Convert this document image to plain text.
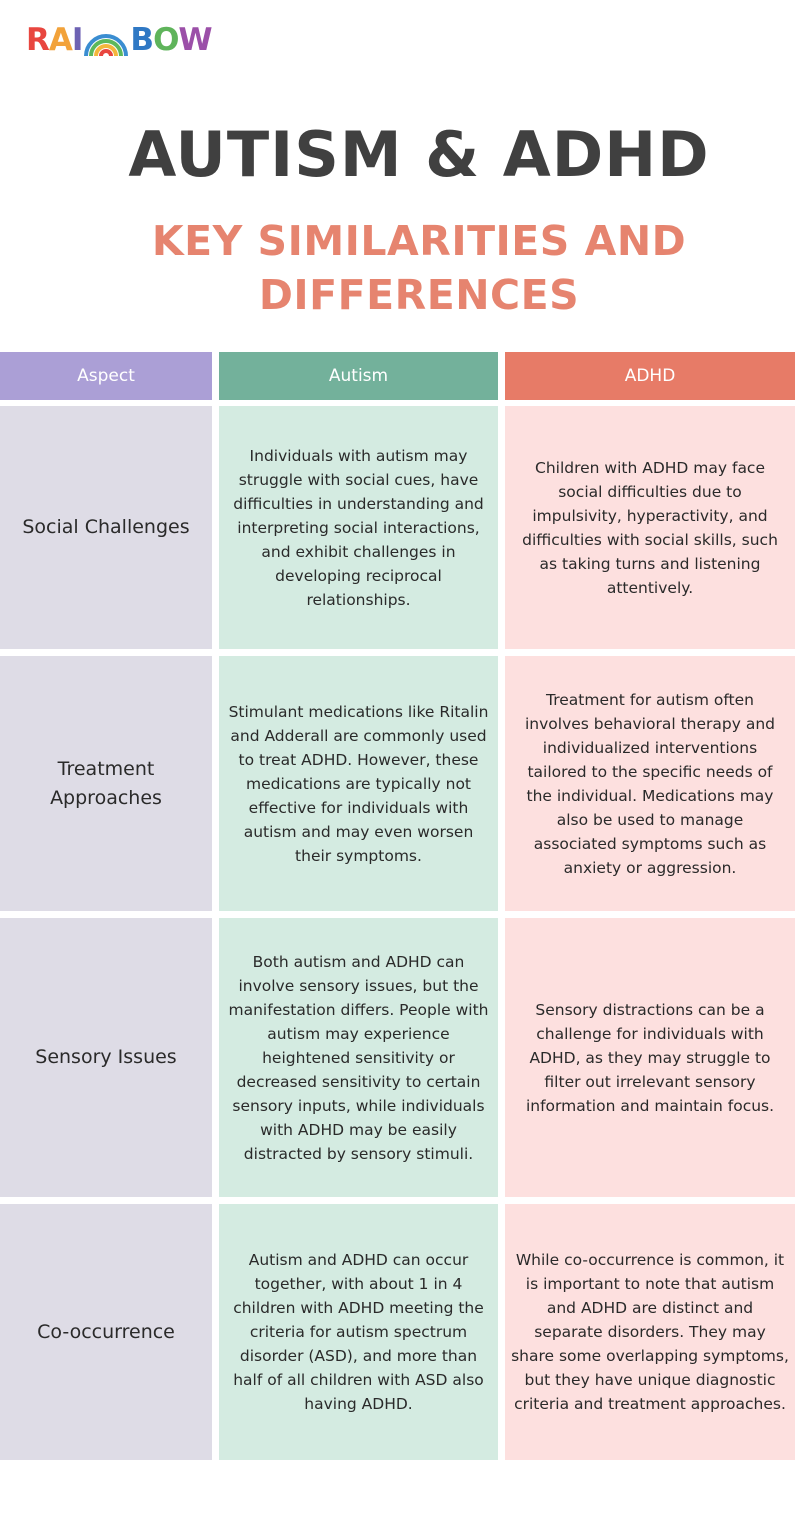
R A I B O W
AUTISM & ADHD
KEY SIMILARITIES AND
DIFFERENCES
Aspect	Autism	ADHD
Social Challenges
Individuals with autism may struggle with social cues, have difficulties in understanding and interpreting social interactions, and exhibit challenges in developing reciprocal relationships.
Children with ADHD may face social difficulties due to impulsivity, hyperactivity, and difficulties with social skills, such as taking turns and listening attentively.
Treatment Approaches
Stimulant medications like Ritalin and Adderall are commonly used to treat ADHD. However, these medications are typically not effective for individuals with autism and may even worsen their symptoms.
Treatment for autism often involves behavioral therapy and individualized interventions tailored to the specific needs of the individual. Medications may also be used to manage associated symptoms such as anxiety or aggression.
Sensory Issues
Both autism and ADHD can involve sensory issues, but the manifestation differs. People with autism may experience heightened sensitivity or decreased sensitivity to certain sensory inputs, while individuals with ADHD may be easily distracted by sensory stimuli.
Sensory distractions can be a challenge for individuals with ADHD, as they may struggle to filter out irrelevant sensory information and maintain focus.
Co-occurrence
Autism and ADHD can occur together, with about 1 in 4 children with ADHD meeting the criteria for autism spectrum disorder (ASD), and more than half of all children with ASD also having ADHD.
While co-occurrence is common, it is important to note that autism and ADHD are distinct and separate disorders. They may share some overlapping symptoms, but they have unique diagnostic criteria and treatment approaches.
